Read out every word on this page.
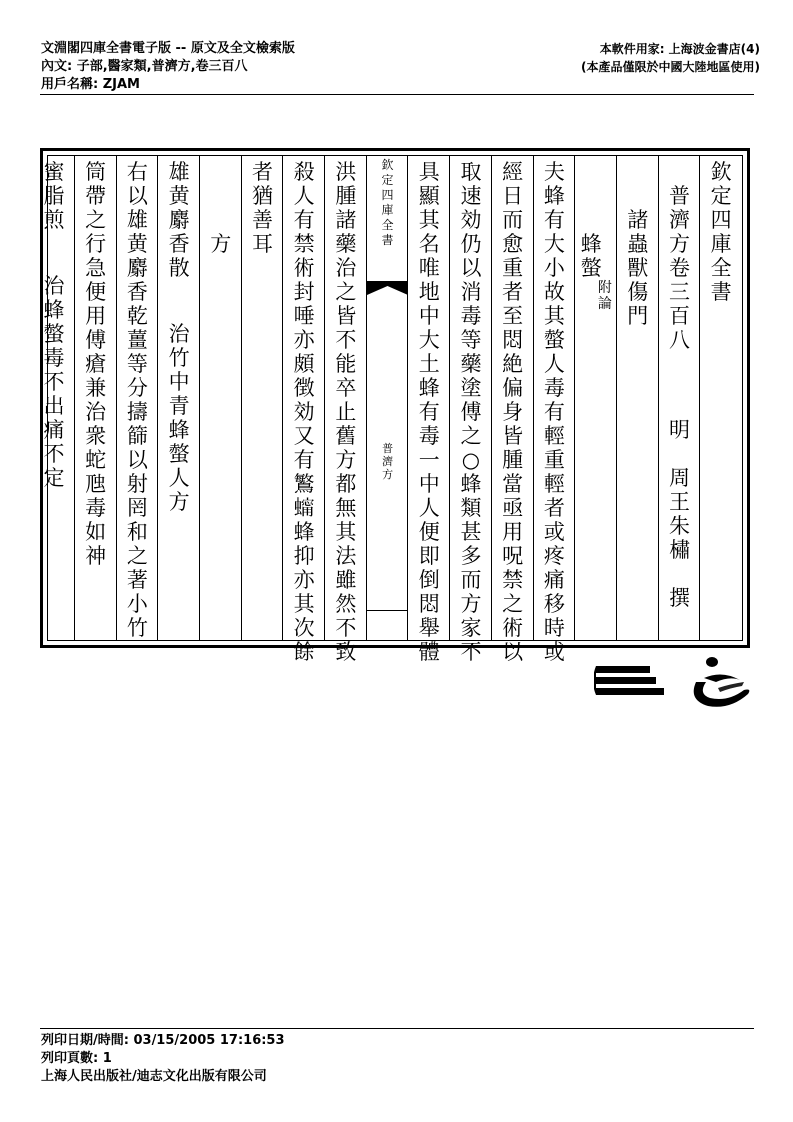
文淵閣四庫全書電子版 -- 原文及全文檢索版
內文: 子部,醫家類,普濟方,卷三百八
用戶名稱: ZJAM
本軟件用家: 上海波金書店(4)
(本產品僅限於中國大陸地區使用)
欽
定
四
庫
全
書
普
濟
方
卷
三
百
八
明

周
王
朱
橚

撰
諸
蟲
獸
傷
門
蜂
螫
附
論
夫
蜂
有
大
小
故
其
螫
人
毒
有
輕
重
輕
者
或
疼
痛
移
時
或
經
日
而
愈
重
者
至
悶
絶
偏
身
皆
腫
當
亟
用
呪
禁
之
術
以
取
速
効
仍
以
消
毒
等
藥
塗
傅
之
○
蜂
類
甚
多
而
方
家
不
具
顯
其
名
唯
地
中
大
土
蜂
有
毒
一
中
人
便
即
倒
悶
舉
體
欽
定
四
庫
全
書
普
濟
方
洪
腫
諸
藥
治
之
皆
不
能
卒
止
舊
方
都
無
其
法
雖
然
不
致
殺
人
有
禁
術
封
唾
亦
頗
徴
効
又
有
𪄴
𧑗
蜂
抑
亦
其
次
餘
者
猶
善
耳
方
雄
黄
麝
香
散
治
竹
中
青
蜂
螫
人
方
右
以
雄
黄
麝
香
乾
薑
等
分
擣
篩
以
射
罔
和
之
著
小
竹
筒
帶
之
行
急
便
用
傅
瘡
兼
治
衆
蛇
虺
毒
如
神
蜜
脂
煎
治
蜂
螫
毒
不
出
痛
不
定
列印日期/時間: 03/15/2005 17:16:53
列印頁數: 1
上海人民出版社/迪志文化出版有限公司
